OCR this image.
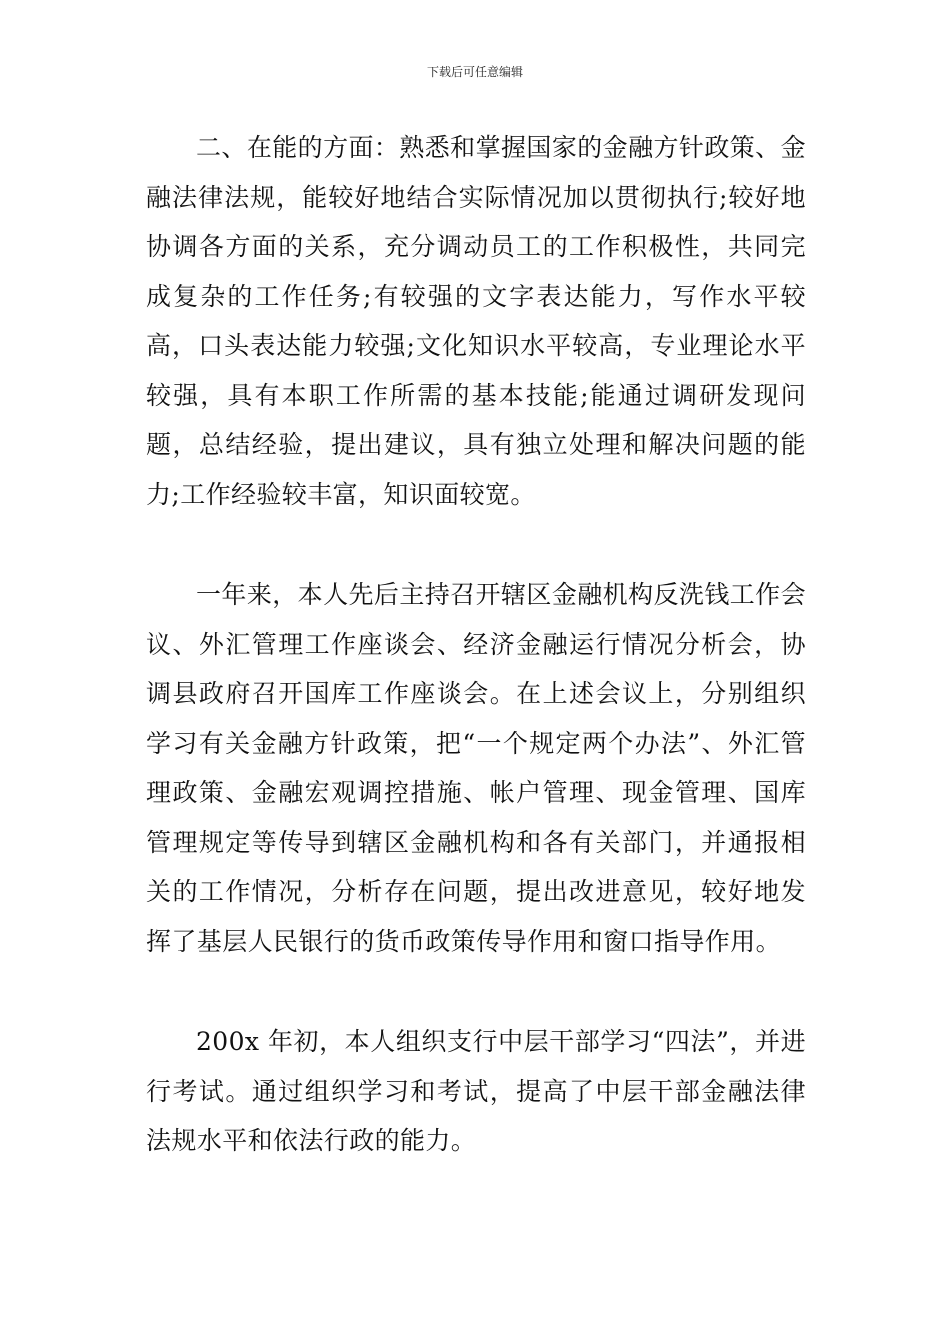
下载后可任意编辑

二、在能的方面：熟悉和掌握国家的金融方针政策、金融法律法规，能较好地结合实际情况加以贯彻执行;较好地协调各方面的关系，充分调动员工的工作积极性，共同完成复杂的工作任务;有较强的文字表达能力，写作水平较高，口头表达能力较强;文化知识水平较高，专业理论水平较强，具有本职工作所需的基本技能;能通过调研发现问题，总结经验，提出建议，具有独立处理和解决问题的能力;工作经验较丰富，知识面较宽。

一年来，本人先后主持召开辖区金融机构反洗钱工作会议、外汇管理工作座谈会、经济金融运行情况分析会，协调县政府召开国库工作座谈会。在上述会议上，分别组织学习有关金融方针政策，把“一个规定两个办法”、外汇管理政策、金融宏观调控措施、帐户管理、现金管理、国库管理规定等传导到辖区金融机构和各有关部门，并通报相关的工作情况，分析存在问题，提出改进意见，较好地发挥了基层人民银行的货币政策传导作用和窗口指导作用。

200x 年初，本人组织支行中层干部学习“四法”，并进行考试。通过组织学习和考试，提高了中层干部金融法律法规水平和依法行政的能力。
